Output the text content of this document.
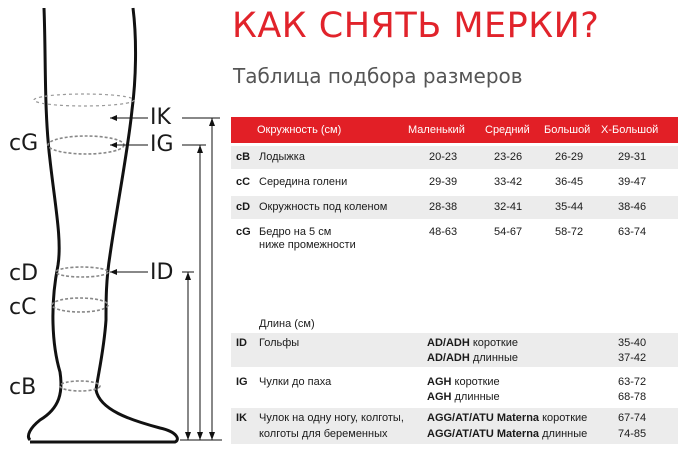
cG
cD
cC
cB
IK
IG
ID
КАК СНЯТЬ МЕРКИ?
Таблица подбора размеров
Окружность (см)	Маленький Средний Большой X-Большой
cB Лодыжка	20-23	23-26	26-29	29-31
cC Середина голени	29-39	33-42	36-45	39-47
cD Окружность под коленом	28-38	32-41	35-44	38-46
cG Бедро на 5 см
ниже промежности
48-63	54-67	58-72	63-74
Длина (см)
ID Гольфы	AD/ADH короткие	35-40
AD/ADH длинные	37-42
IG Чулки до паха	AGH короткие	63-72
AGH длинные	68-78
IK Чулок на одну ногу, колготы,
колготы для беременных
AGG/AT/ATU Materna короткие	67-74
AGG/AT/ATU Materna длинные	74-85
